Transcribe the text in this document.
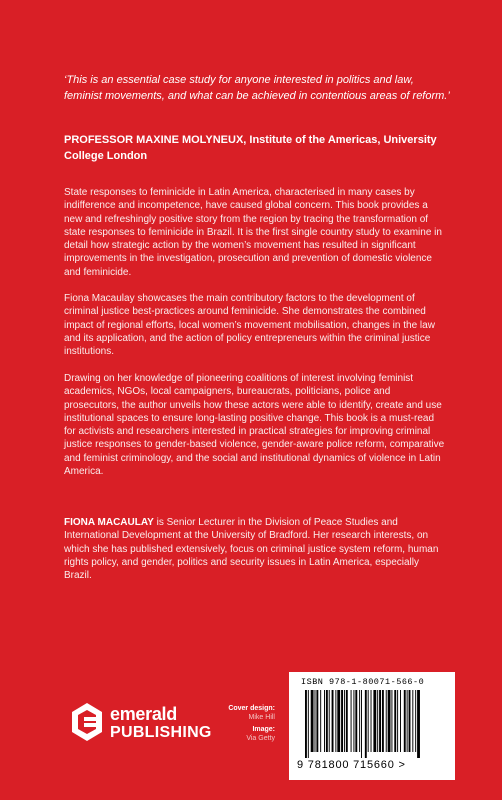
‘This is an essential case study for anyone interested in politics and law, feminist movements, and what can be achieved in contentious areas of reform.’
PROFESSOR MAXINE MOLYNEUX, Institute of the Americas, University College London
State responses to feminicide in Latin America, characterised in many cases by indifference and incompetence, have caused global concern. This book provides a new and refreshingly positive story from the region by tracing the transformation of state responses to feminicide in Brazil. It is the first single country study to examine in detail how strategic action by the women’s movement has resulted in significant improvements in the investigation, prosecution and prevention of domestic violence and feminicide.
Fiona Macaulay showcases the main contributory factors to the development of criminal justice best-practices around feminicide. She demonstrates the combined impact of regional efforts, local women’s movement mobilisation, changes in the law and its application, and the action of policy entrepreneurs within the criminal justice institutions.
Drawing on her knowledge of pioneering coalitions of interest involving feminist academics, NGOs, local campaigners, bureaucrats, politicians, police and prosecutors, the author unveils how these actors were able to identify, create and use institutional spaces to ensure long-lasting positive change. This book is a must-read for activists and researchers interested in practical strategies for improving criminal justice responses to gender-based violence, gender-aware police reform, comparative and feminist criminology, and the social and institutional dynamics of violence in Latin America.
FIONA MACAULAY is Senior Lecturer in the Division of Peace Studies and International Development at the University of Bradford. Her research interests, on which she has published extensively, focus on criminal justice system reform, human rights policy, and gender, politics and security issues in Latin America, especially Brazil.
emerald
PUBLISHING
Cover design:
Mike Hill
Image:
Via Getty
ISBN 978-1-80071-566-0
9 781800 715660 >
